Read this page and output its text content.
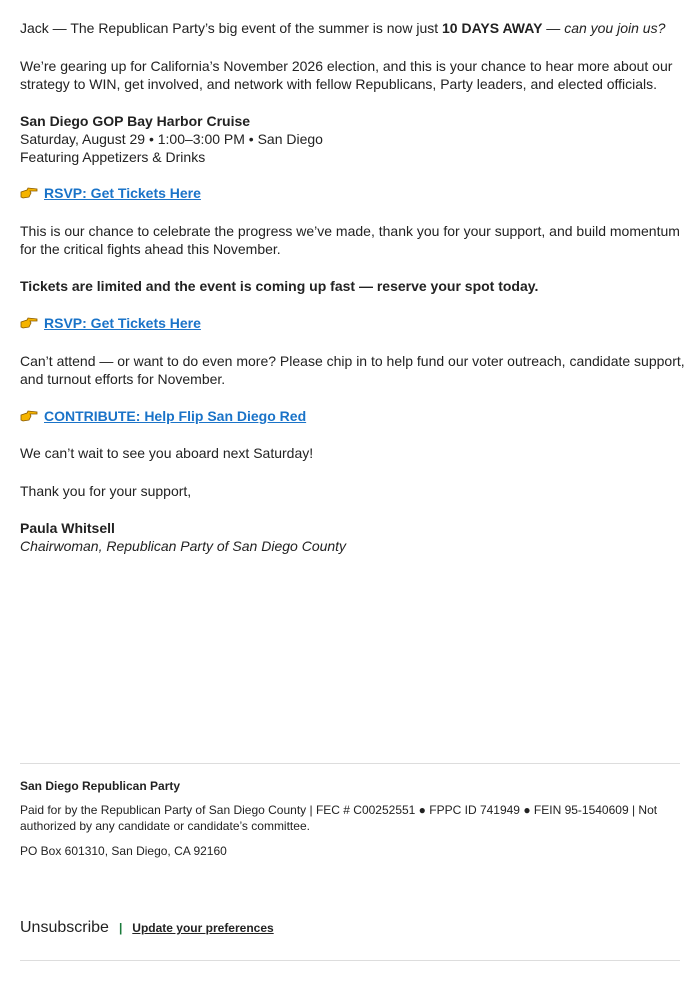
Jack — The Republican Party’s big event of the summer is now just 10 DAYS AWAY — can you join us?

We’re gearing up for California’s November 2026 election, and this is your chance to hear more about our strategy to WIN, get involved, and network with fellow Republicans, Party leaders, and elected officials.

San Diego GOP Bay Harbor Cruise
Saturday, August 29 • 1:00–3:00 PM • San Diego
Featuring Appetizers & Drinks
RSVP: Get Tickets Here

This is our chance to celebrate the progress we’ve made, thank you for your support, and build momentum for the critical fights ahead this November.

Tickets are limited and the event is coming up fast — reserve your spot today.

RSVP: Get Tickets Here

Can’t attend — or want to do even more? Please chip in to help fund our voter outreach, candidate support, and turnout efforts for November.

CONTRIBUTE: Help Flip San Diego Red

We can’t wait to see you aboard next Saturday!

Thank you for your support,

Paula Whitsell
Chairwoman, Republican Party of San Diego County
San Diego Republican Party
Paid for by the Republican Party of San Diego County | FEC # C00252551 ● FPPC ID 741949 ● FEIN 95-1540609 | Not authorized by any candidate or candidate’s committee.
PO Box 601310, San Diego, CA 92160
Unsubscribe | Update your preferences
